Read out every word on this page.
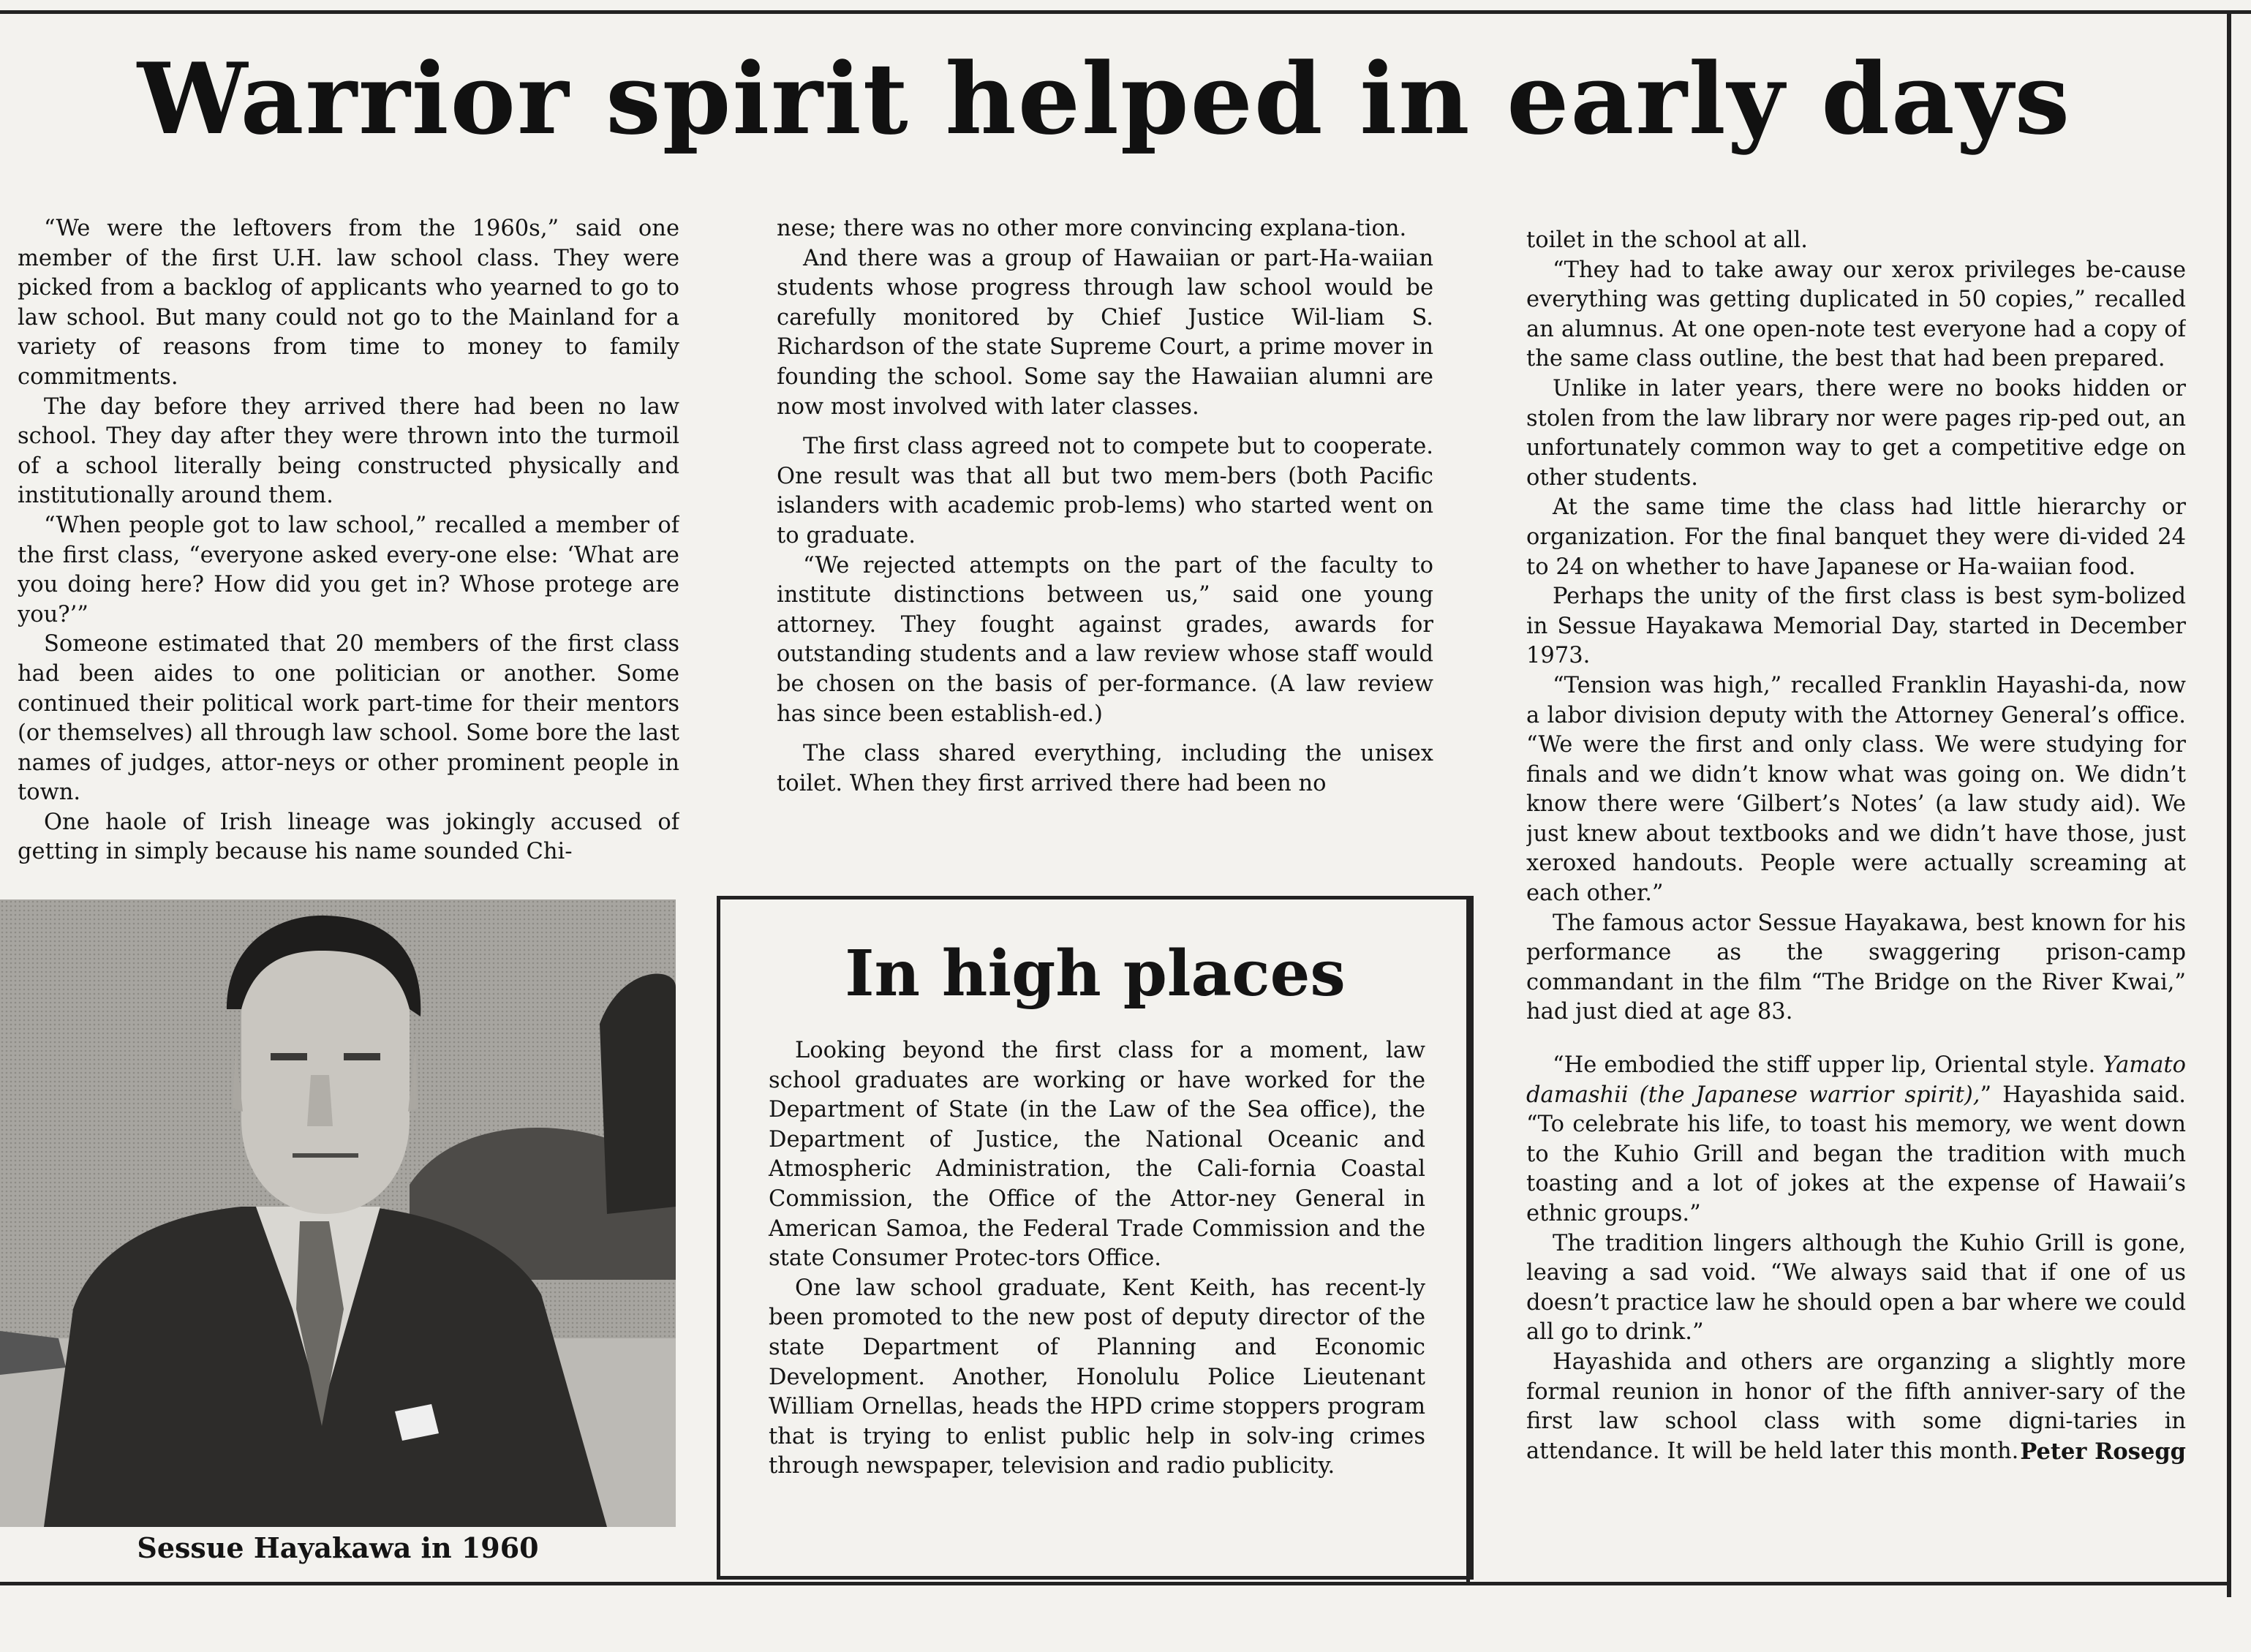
Warrior spirit helped in early days

“We were the leftovers from the 1960s,” said one member of the first U.H. law school class. They were picked from a backlog of applicants who yearned to go to law school. But many could not go to the Mainland for a variety of reasons from time to money to family commitments.

The day before they arrived there had been no law school. They day after they were thrown into the turmoil of a school literally being constructed physically and institutionally around them.

“When people got to law school,” recalled a member of the first class, “everyone asked every-one else: ‘What are you doing here? How did you get in? Whose protege are you?’”

Someone estimated that 20 members of the first class had been aides to one politician or another. Some continued their political work part-time for their mentors (or themselves) all through law school. Some bore the last names of judges, attor-neys or other prominent people in town.

One haole of Irish lineage was jokingly accused of getting in simply because his name sounded Chi-

nese; there was no other more convincing explana-tion.

And there was a group of Hawaiian or part-Ha-waiian students whose progress through law school would be carefully monitored by Chief Justice Wil-liam S. Richardson of the state Supreme Court, a prime mover in founding the school. Some say the Hawaiian alumni are now most involved with later classes.

The first class agreed not to compete but to cooperate. One result was that all but two mem-bers (both Pacific islanders with academic prob-lems) who started went on to graduate.

“We rejected attempts on the part of the faculty to institute distinctions between us,” said one young attorney. They fought against grades, awards for outstanding students and a law review whose staff would be chosen on the basis of per-formance. (A law review has since been establish-ed.)

The class shared everything, including the unisex toilet. When they first arrived there had been no

toilet in the school at all.

“They had to take away our xerox privileges be-cause everything was getting duplicated in 50 copies,” recalled an alumnus. At one open-note test everyone had a copy of the same class outline, the best that had been prepared.

Unlike in later years, there were no books hidden or stolen from the law library nor were pages rip-ped out, an unfortunately common way to get a competitive edge on other students.

At the same time the class had little hierarchy or organization. For the final banquet they were di-vided 24 to 24 on whether to have Japanese or Ha-waiian food.

Perhaps the unity of the first class is best sym-bolized in Sessue Hayakawa Memorial Day, started in December 1973.

“Tension was high,” recalled Franklin Hayashi-da, now a labor division deputy with the Attorney General’s office. “We were the first and only class. We were studying for finals and we didn’t know what was going on. We didn’t know there were ‘Gilbert’s Notes’ (a law study aid). We just knew about textbooks and we didn’t have those, just xeroxed handouts. People were actually screaming at each other.”

The famous actor Sessue Hayakawa, best known for his performance as the swaggering prison-camp commandant in the film “The Bridge on the River Kwai,” had just died at age 83.

“He embodied the stiff upper lip, Oriental style. Yamato damashii (the Japanese warrior spirit),” Hayashida said. “To celebrate his life, to toast his memory, we went down to the Kuhio Grill and began the tradition with much toasting and a lot of jokes at the expense of Hawaii’s ethnic groups.”

The tradition lingers although the Kuhio Grill is gone, leaving a sad void. “We always said that if one of us doesn’t practice law he should open a bar where we could all go to drink.”

Hayashida and others are organzing a slightly more formal reunion in honor of the fifth anniver-sary of the first law school class with some digni-taries in attendance. It will be held later this month. Peter Rosegg

Sessue Hayakawa in 1960
In high places

Looking beyond the first class for a moment, law school graduates are working or have worked for the Department of State (in the Law of the Sea office), the Department of Justice, the National Oceanic and Atmospheric Administration, the Cali-fornia Coastal Commission, the Office of the Attor-ney General in American Samoa, the Federal Trade Commission and the state Consumer Protec-tors Office.

One law school graduate, Kent Keith, has recent-ly been promoted to the new post of deputy director of the state Department of Planning and Economic Development. Another, Honolulu Police Lieutenant William Ornellas, heads the HPD crime stoppers program that is trying to enlist public help in solv-ing crimes through newspaper, television and radio publicity.
